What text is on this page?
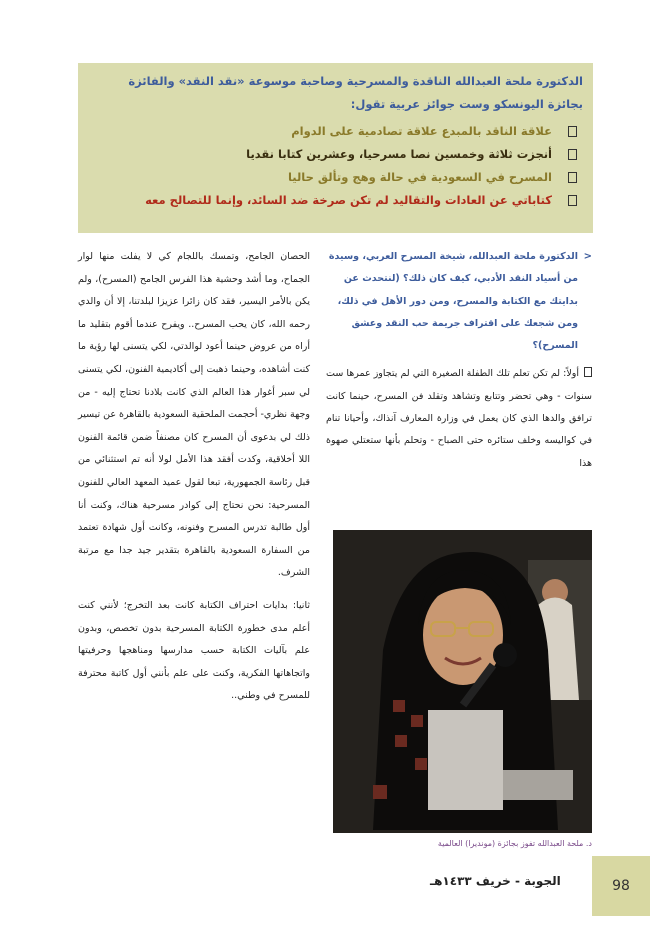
الدكتورة ملحة العبدالله الناقدة والمسرحية وصاحبة موسوعة «نقد النقد» والفائزة بجائزة اليونسكو وست جوائز عربية تقول:

علاقة الناقد بالمبدع علاقة تصادمية على الدوام
أنجزت ثلاثة وخمسين نصا مسرحيا، وعشرين كتابا نقديا
المسرح في السعودية في حالة وهج وتألق حاليا
كتاباتي عن العادات والتقاليد لم تكن صرخة ضد السائد، وإنما للتصالح معه

<
الدكتورة ملحة العبدالله، شيخة المسرح العربي، وسيدة من أسياد النقد الأدبي، كيف كان ذلك؟ (لنتحدث عن بدايتك مع الكتابة والمسرح، ومن دور الأهل في ذلك، ومن شجعك على اقتراف جريمة حب النقد وعشق المسرح)؟

أولاً: لم تكن تعلم تلك الطفلة الصغيرة التي لم يتجاوز عمرها ست سنوات - وهي تحضر وتتابع وتشاهد وتقلد فن المسرح، حينما كانت ترافق والدها الذي كان يعمل في وزارة المعارف آنذاك، وأحيانا تنام في كواليسه وخلف ستائره حتى الصباح - وتحلم بأنها ستعتلي صهوة هذا

الحصان الجامح، وتمسك باللجام كي لا يفلت منها لوار الجماح، وما أشد وحشية هذا الفرس الجامح (المسرح)، ولم يكن بالأمر اليسير، فقد كان زائرا عزيزا لبلدتنا، إلا أن والدي رحمه الله، كان يحب المسرح.. ويفرح عندما أقوم بتقليد ما أراه من عروض حينما أعود لوالدتي، لكي يتسنى لها رؤية ما كنت أشاهده، وحينما ذهبت إلى أكاديمية الفنون، لكي يتسنى لي سبر أغوار هذا العالم الذي كانت بلادنا تحتاج إليه - من وجهة نظري- أحجمت الملحقية السعودية بالقاهرة عن تيسير ذلك لي بدعوى أن المسرح كان مصنفاً ضمن قائمة الفنون اللا أخلاقية، وكدت أفقد هذا الأمل لولا أنه تم استثنائي من قبل رئاسة الجمهورية، تبعا لقول عميد المعهد العالي للفنون المسرحية: نحن نحتاج إلى كوادر مسرحية هناك، وكنت أنا أول طالبة تدرس المسرح وفنونه، وكانت أول شهادة تعتمد من السفارة السعودية بالقاهرة بتقدير جيد جدا مع مرتبة الشرف.

ثانيا: بدايات احتراف الكتابة كانت بعد التخرج؛ لأنني كنت أعلم مدى خطورة الكتابة المسرحية بدون تخصص، وبدون علم بآليات الكتابة حسب مدارسها ومناهجها وحرفيتها واتجاهاتها الفكرية، وكنت على علم بأنني أول كاتبة محترفة للمسرح في وطني..

د. ملحة العبدالله تفوز بجائزة (مونديرا) العالمية
الجوبة - خريف ١٤٣٣هـ	98
